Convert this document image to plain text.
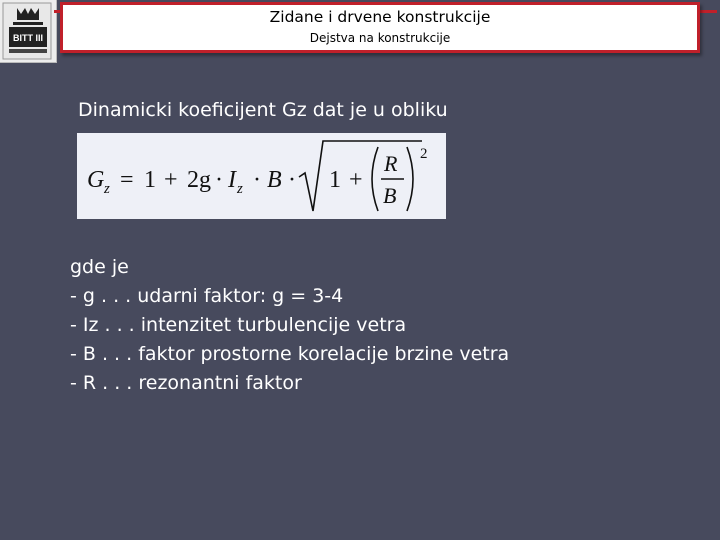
BITT III
Zidane i drvene konstrukcije
Dejstva na konstrukcije
Dinamicki koeficijent Gz dat je u obliku
G z = 1 + 2g · I z · B · 1 +
R
B
2
gde je
- g . . . udarni faktor: g = 3-4
- Iz . . . intenzitet turbulencije vetra
- B . . . faktor prostorne korelacije brzine vetra
- R . . . rezonantni faktor
